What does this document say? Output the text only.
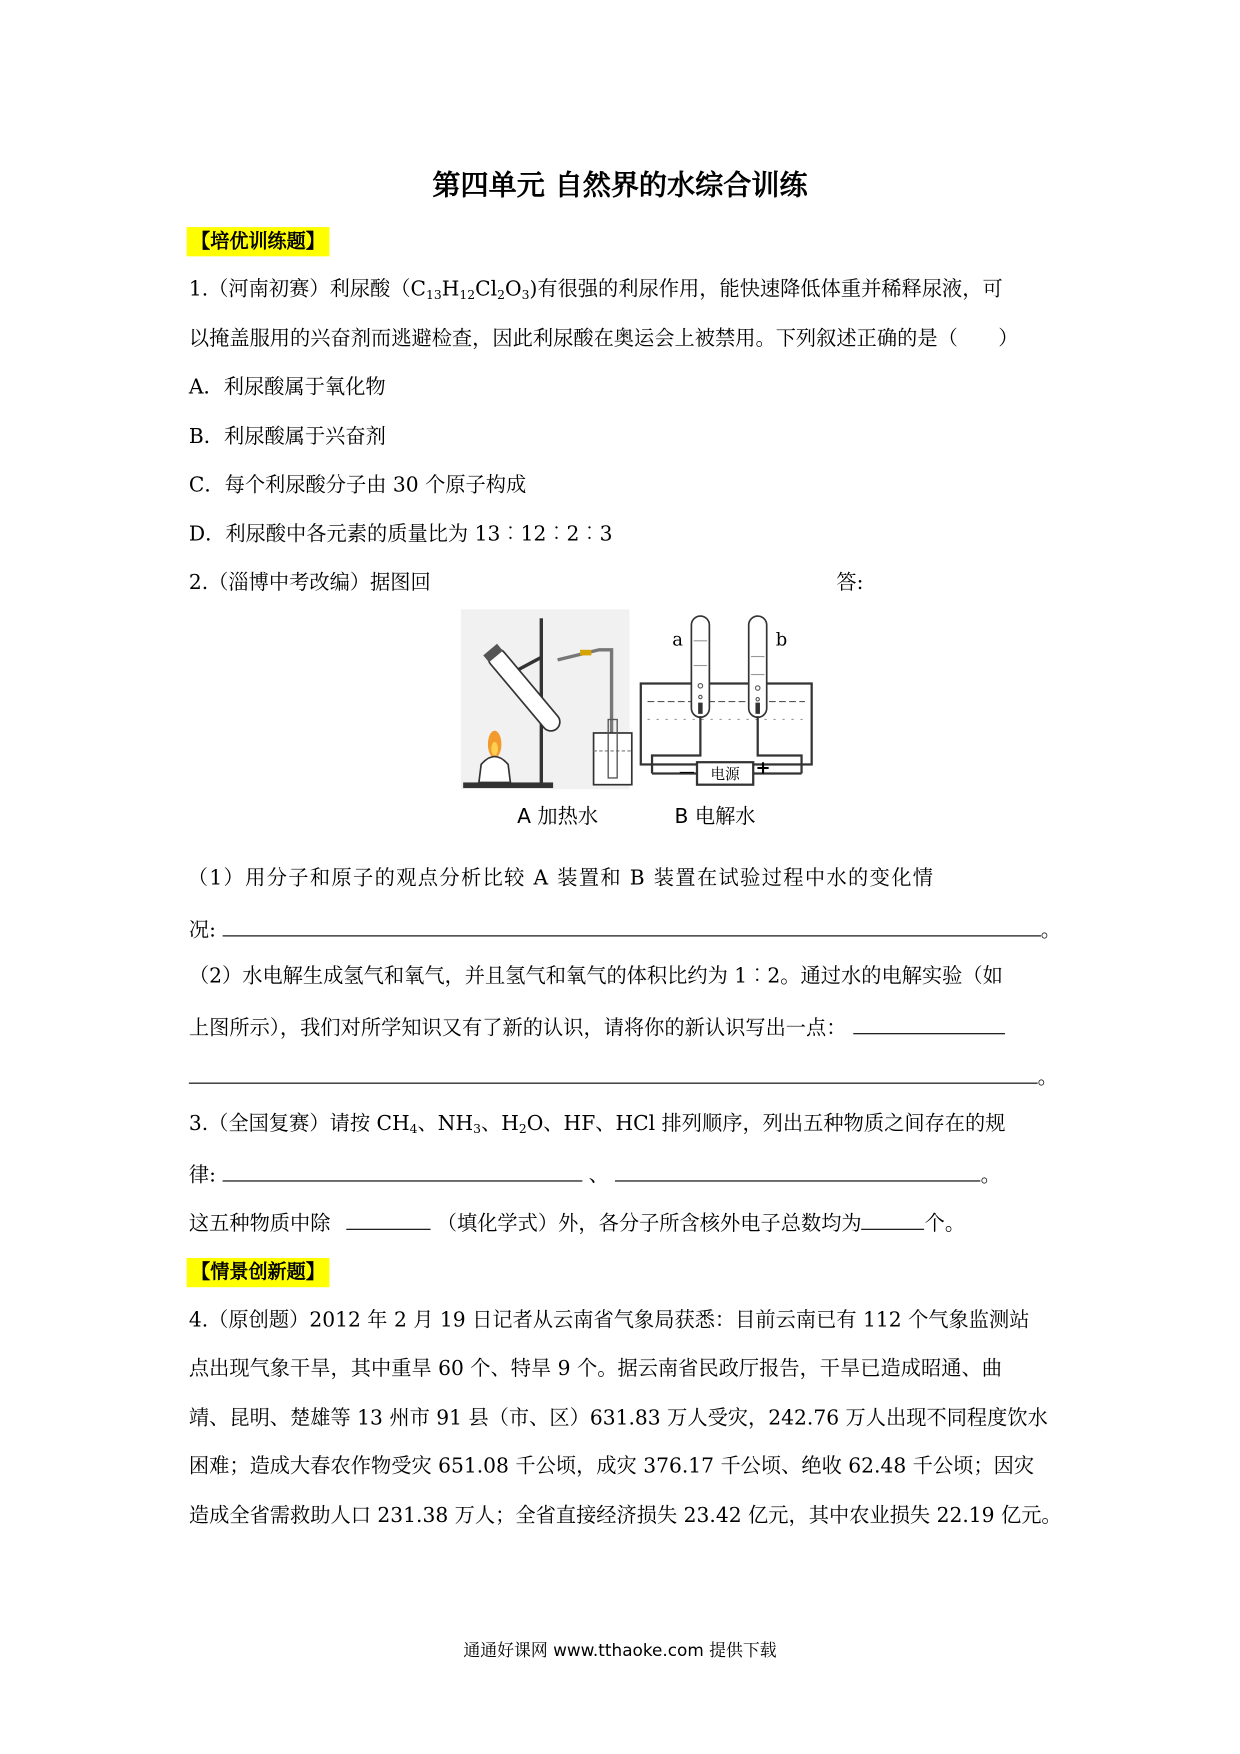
第四单元 自然界的水综合训练
【培优训练题】
1.（河南初赛）利尿酸$(C_{13}H_{12}Cl_2O_3)$有很强的利尿作用，能快速降低体重并稀释尿液，可
以掩盖服用的兴奋剂而逃避检查，因此利尿酸在奥运会上被禁用。下列叙述正确的是（　　）
A．利尿酸属于氧化物
B．利尿酸属于兴奋剂
C．每个利尿酸分子由 30 个原子构成
D．利尿酸中各元素的质量比为 13︰12︰2︰3
2.（淄博中考改编）据图回	答:
电源
—	+
a	b
A 加热水	B 电解水
（1）用分子和原子的观点分析比较 A 装置和 B 装置在试验过程中水的变化情
况:	。
（2）水电解生成氢气和氧气，并且氢气和氧气的体积比约为 1︰2。通过水的电解实验（如
上图所示），我们对所学知识又有了新的认识，请将你的新认识写出一点：
。
3.（全国复赛）请按 $CH_4$、$NH_3$、$H_2O$、HF、HCl 排列顺序，列出五种物质之间存在的规
律:	、	。
这五种物质中除	（填化学式）外，各分子所含核外电子总数均为	个。
【情景创新题】
4.（原创题）2012 年 2 月 19 日记者从云南省气象局获悉：目前云南已有 112 个气象监测站
点出现气象干旱，其中重旱 60 个、特旱 9 个。据云南省民政厅报告，干旱已造成昭通、曲
靖、昆明、楚雄等 13 州市 91 县（市、区）631.83 万人受灾，242.76 万人出现不同程度饮水
困难；造成大春农作物受灾 651.08 千公顷，成灾 376.17 千公顷、绝收 62.48 千公顷；因灾
造成全省需救助人口 231.38 万人；全省直接经济损失 23.42 亿元，其中农业损失 22.19 亿元。
通通好课网 www.tthaoke.com 提供下载
